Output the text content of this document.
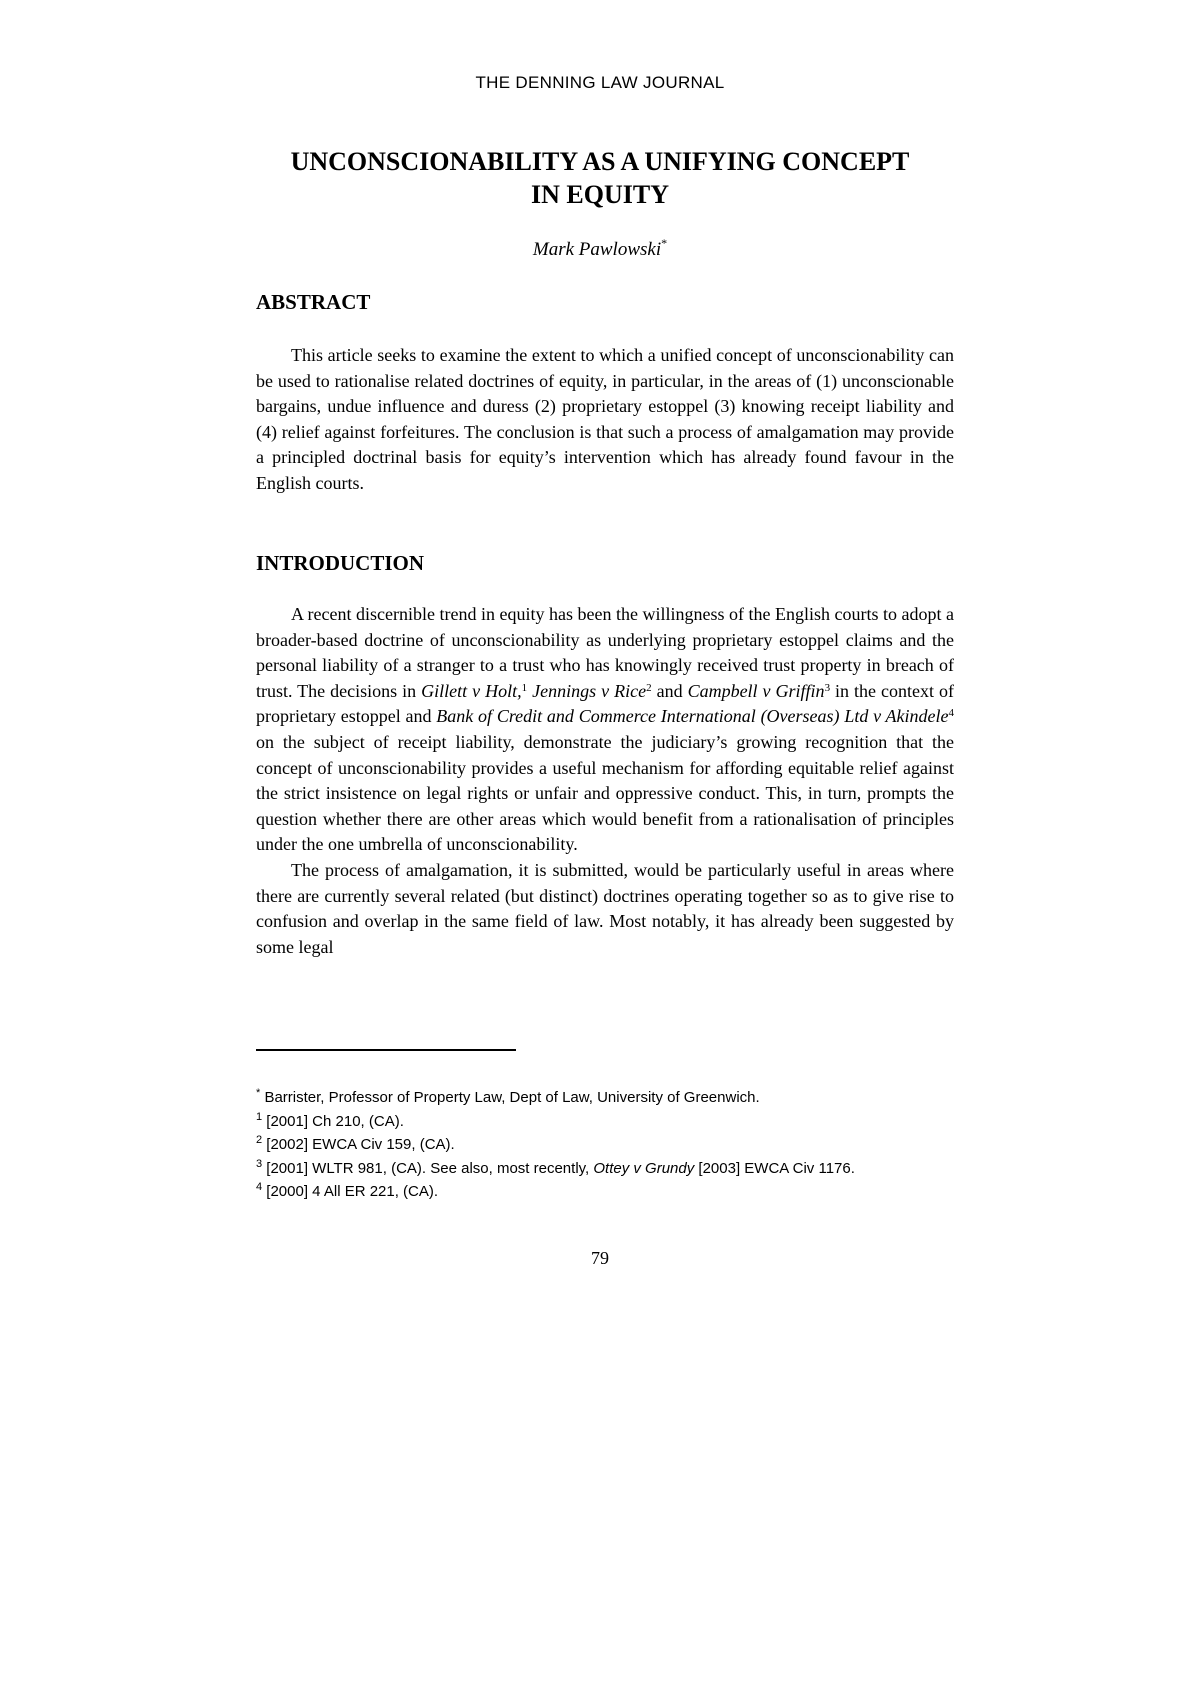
THE DENNING LAW JOURNAL
UNCONSCIONABILITY AS A UNIFYING CONCEPT
IN EQUITY
Mark Pawlowski*
ABSTRACT

This article seeks to examine the extent to which a unified concept of unconscionability can be used to rationalise related doctrines of equity, in particular, in the areas of (1) unconscionable bargains, undue influence and duress (2) proprietary estoppel (3) knowing receipt liability and (4) relief against forfeitures. The conclusion is that such a process of amalgamation may provide a principled doctrinal basis for equity’s intervention which has already found favour in the English courts.

INTRODUCTION

A recent discernible trend in equity has been the willingness of the English courts to adopt a broader-based doctrine of unconscionability as underlying proprietary estoppel claims and the personal liability of a stranger to a trust who has knowingly received trust property in breach of trust. The decisions in Gillett v Holt,$^1$ Jennings v Rice$^2$ and Campbell v Griffin$^3$ in the context of proprietary estoppel and Bank of Credit and Commerce International (Overseas) Ltd v Akindele$^4$ on the subject of receipt liability, demonstrate the judiciary’s growing recognition that the concept of unconscionability provides a useful mechanism for affording equitable relief against the strict insistence on legal rights or unfair and oppressive conduct. This, in turn, prompts the question whether there are other areas which would benefit from a rationalisation of principles under the one umbrella of unconscionability.

The process of amalgamation, it is submitted, would be particularly useful in areas where there are currently several related (but distinct) doctrines operating together so as to give rise to confusion and overlap in the same field of law. Most notably, it has already been suggested by some legal

* Barrister, Professor of Property Law, Dept of Law, University of Greenwich.
$^1$ [2001] Ch 210, (CA).
$^2$ [2002] EWCA Civ 159, (CA).
$^3$ [2001] WLTR 981, (CA). See also, most recently, Ottey v Grundy [2003] EWCA Civ 1176.
$^4$ [2000] 4 All ER 221, (CA).
79
